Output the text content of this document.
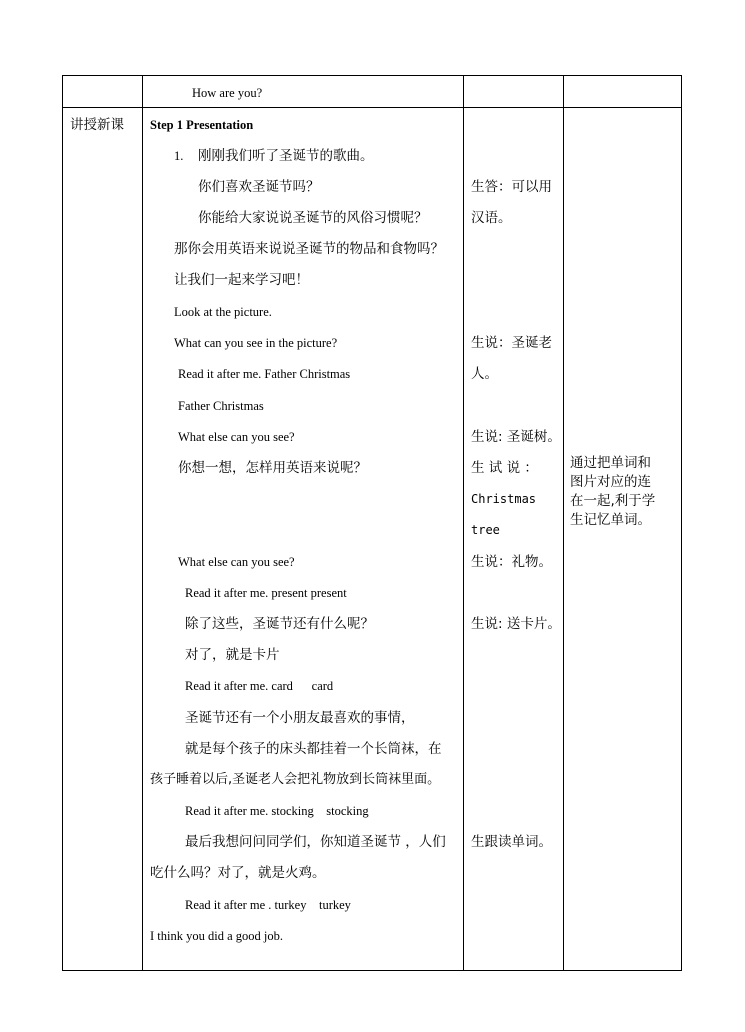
How are you?
讲授新课 Step 1 Presentation
1. 刚刚我们听了圣诞节的歌曲。
你们喜欢圣诞节吗？
你能给大家说说圣诞节的风俗习惯呢？
那你会用英语来说说圣诞节的物品和食物吗？
让我们一起来学习吧！
Look at the picture.
What can you see in the picture?
Read it after me. Father Christmas
Father Christmas
What else can you see?
你想一想，怎样用英语来说呢？
What else can you see?
Read it after me. present present
除了这些，圣诞节还有什么呢？
对了，就是卡片
Read it after me. card      card
圣诞节还有一个小朋友最喜欢的事情，
就是每个孩子的床头都挂着一个长筒袜，在
孩子睡着以后,圣诞老人会把礼物放到长筒袜里面。
Read it after me. stocking    stocking
最后我想问问同学们，你知道圣诞节 ，人们
吃什么吗？对了，就是火鸡。
Read it after me . turkey    turkey
I think you did a good job.
生答：可以用
汉语。
生说：圣诞老
人。
生说: 圣诞树。
生 试 说 ：
Christmas
tree
生说：礼物。
生说: 送卡片。
生跟读单词。
通过把单词和
图片对应的连
在一起,利于学
生记忆单词。
